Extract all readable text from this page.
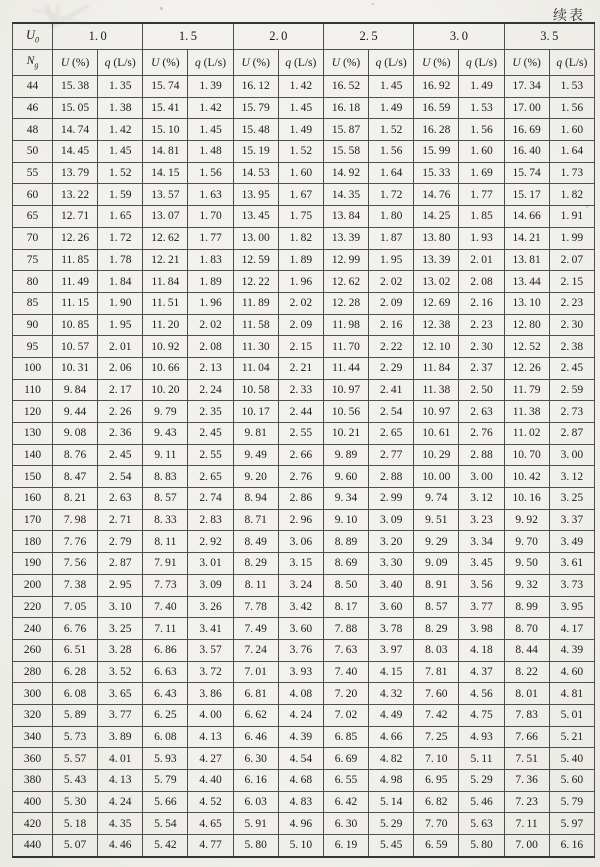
续表
$U_0$	1. 0		1. 5		2. 0		2. 5		3. 0		3. 5	
$N_g$	U (%)	q (L/s)	U (%)	q (L/s)	U (%)	q (L/s)	U (%)	q (L/s)	U (%)	q (L/s)	U (%)	q (L/s)
44	15. 38	1. 35	15. 74	1. 39	16. 12	1. 42	16. 52	1. 45	16. 92	1. 49	17. 34	1. 53
46	15. 05	1. 38	15. 41	1. 42	15. 79	1. 45	16. 18	1. 49	16. 59	1. 53	17. 00	1. 56
48	14. 74	1. 42	15. 10	1. 45	15. 48	1. 49	15. 87	1. 52	16. 28	1. 56	16. 69	1. 60
50	14. 45	1. 45	14. 81	1. 48	15. 19	1. 52	15. 58	1. 56	15. 99	1. 60	16. 40	1. 64
55	13. 79	1. 52	14. 15	1. 56	14. 53	1. 60	14. 92	1. 64	15. 33	1. 69	15. 74	1. 73
60	13. 22	1. 59	13. 57	1. 63	13. 95	1. 67	14. 35	1. 72	14. 76	1. 77	15. 17	1. 82
65	12. 71	1. 65	13. 07	1. 70	13. 45	1. 75	13. 84	1. 80	14. 25	1. 85	14. 66	1. 91
70	12. 26	1. 72	12. 62	1. 77	13. 00	1. 82	13. 39	1. 87	13. 80	1. 93	14. 21	1. 99
75	11. 85	1. 78	12. 21	1. 83	12. 59	1. 89	12. 99	1. 95	13. 39	2. 01	13. 81	2. 07
80	11. 49	1. 84	11. 84	1. 89	12. 22	1. 96	12. 62	2. 02	13. 02	2. 08	13. 44	2. 15
85	11. 15	1. 90	11. 51	1. 96	11. 89	2. 02	12. 28	2. 09	12. 69	2. 16	13. 10	2. 23
90	10. 85	1. 95	11. 20	2. 02	11. 58	2. 09	11. 98	2. 16	12. 38	2. 23	12. 80	2. 30
95	10. 57	2. 01	10. 92	2. 08	11. 30	2. 15	11. 70	2. 22	12. 10	2. 30	12. 52	2. 38
100	10. 31	2. 06	10. 66	2. 13	11. 04	2. 21	11. 44	2. 29	11. 84	2. 37	12. 26	2. 45
110	9. 84	2. 17	10. 20	2. 24	10. 58	2. 33	10. 97	2. 41	11. 38	2. 50	11. 79	2. 59
120	9. 44	2. 26	9. 79	2. 35	10. 17	2. 44	10. 56	2. 54	10. 97	2. 63	11. 38	2. 73
130	9. 08	2. 36	9. 43	2. 45	9. 81	2. 55	10. 21	2. 65	10. 61	2. 76	11. 02	2. 87
140	8. 76	2. 45	9. 11	2. 55	9. 49	2. 66	9. 89	2. 77	10. 29	2. 88	10. 70	3. 00
150	8. 47	2. 54	8. 83	2. 65	9. 20	2. 76	9. 60	2. 88	10. 00	3. 00	10. 42	3. 12
160	8. 21	2. 63	8. 57	2. 74	8. 94	2. 86	9. 34	2. 99	9. 74	3. 12	10. 16	3. 25
170	7. 98	2. 71	8. 33	2. 83	8. 71	2. 96	9. 10	3. 09	9. 51	3. 23	9. 92	3. 37
180	7. 76	2. 79	8. 11	2. 92	8. 49	3. 06	8. 89	3. 20	9. 29	3. 34	9. 70	3. 49
190	7. 56	2. 87	7. 91	3. 01	8. 29	3. 15	8. 69	3. 30	9. 09	3. 45	9. 50	3. 61
200	7. 38	2. 95	7. 73	3. 09	8. 11	3. 24	8. 50	3. 40	8. 91	3. 56	9. 32	3. 73
220	7. 05	3. 10	7. 40	3. 26	7. 78	3. 42	8. 17	3. 60	8. 57	3. 77	8. 99	3. 95
240	6. 76	3. 25	7. 11	3. 41	7. 49	3. 60	7. 88	3. 78	8. 29	3. 98	8. 70	4. 17
260	6. 51	3. 28	6. 86	3. 57	7. 24	3. 76	7. 63	3. 97	8. 03	4. 18	8. 44	4. 39
280	6. 28	3. 52	6. 63	3. 72	7. 01	3. 93	7. 40	4. 15	7. 81	4. 37	8. 22	4. 60
300	6. 08	3. 65	6. 43	3. 86	6. 81	4. 08	7. 20	4. 32	7. 60	4. 56	8. 01	4. 81
320	5. 89	3. 77	6. 25	4. 00	6. 62	4. 24	7. 02	4. 49	7. 42	4. 75	7. 83	5. 01
340	5. 73	3. 89	6. 08	4. 13	6. 46	4. 39	6. 85	4. 66	7. 25	4. 93	7. 66	5. 21
360	5. 57	4. 01	5. 93	4. 27	6. 30	4. 54	6. 69	4. 82	7. 10	5. 11	7. 51	5. 40
380	5. 43	4. 13	5. 79	4. 40	6. 16	4. 68	6. 55	4. 98	6. 95	5. 29	7. 36	5. 60
400	5. 30	4. 24	5. 66	4. 52	6. 03	4. 83	6. 42	5. 14	6. 82	5. 46	7. 23	5. 79
420	5. 18	4. 35	5. 54	4. 65	5. 91	4. 96	6. 30	5. 29	7. 70	5. 63	7. 11	5. 97
440	5. 07	4. 46	5. 42	4. 77	5. 80	5. 10	6. 19	5. 45	6. 59	5. 80	7. 00	6. 16
